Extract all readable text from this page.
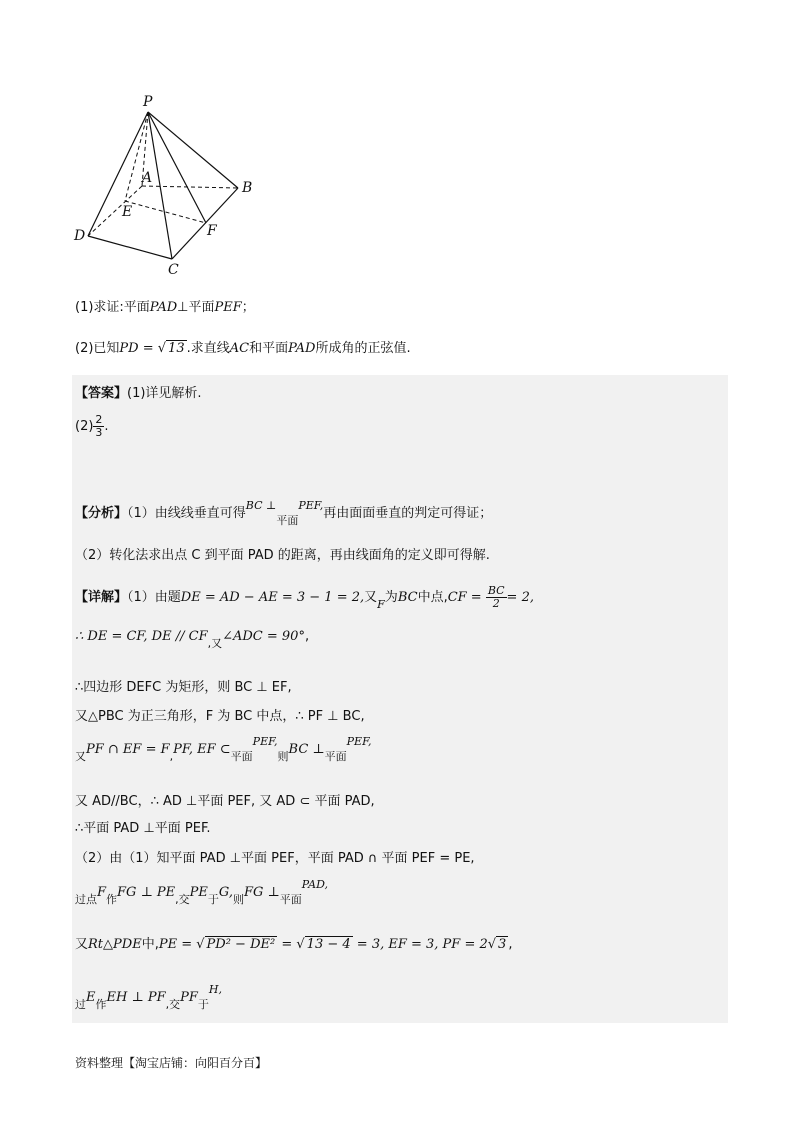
P
A
B
E
F
D
C
(1)求证:平面PAD⊥平面PEF；
(2)已知PD = √ 13 .求直线AC和平面PAD所成角的正弦值.
【答案】(1)详见解析.
$(2) \frac{2}{3}$ .
【分析】（1）由线线垂直可得$^{BC \perp}_{平面}^{PEF,}$再由面面垂直的判定可得证；
（2）转化法求出点 C 到平面 PAD 的距离，再由线面角的定义即可得解.
【详解】（1）由题DE = AD − AE = 3 − 1 = 2,又$_F$为BC中点$,CF = \frac{BC}{2} = 2$,
∴ DE = CF, DE // $CF_{,又}\angle ADC = 90^\circ$,
∴四边形 DEFC 为矩形，则 BC ⊥ EF,
又△PBC 为正三角形，F 为 BC 中点，∴ PF ⊥ BC,
$_又$PF ∩ EF = $F_,PF$, EF $\subset_{平面}^{PEF,}_则BC$ $\perp_{平面}^{PEF,}$
又 AD//BC，∴ AD ⊥平面 PEF, 又 AD ⊂ 平面 PAD,
∴平面 PAD ⊥平面 PEF.
（2）由（1）知平面 PAD ⊥平面 PEF，平面 PAD ∩ 平面 PEF = PE,
$_{过点}F_作FG$ ⊥ $PE_{,交}PE_于G,_则FG$ $\perp_{平面}^{PAD,}$
又Rt△PDE中,PE = √ PD² − DE² = √ 13 − 4 = 3, EF = 3, PF = 2√ 3 ,
$_过E_作EH$ ⊥ $PF_{,交}PF_于^{H,}$
资料整理【淘宝店铺：向阳百分百】
